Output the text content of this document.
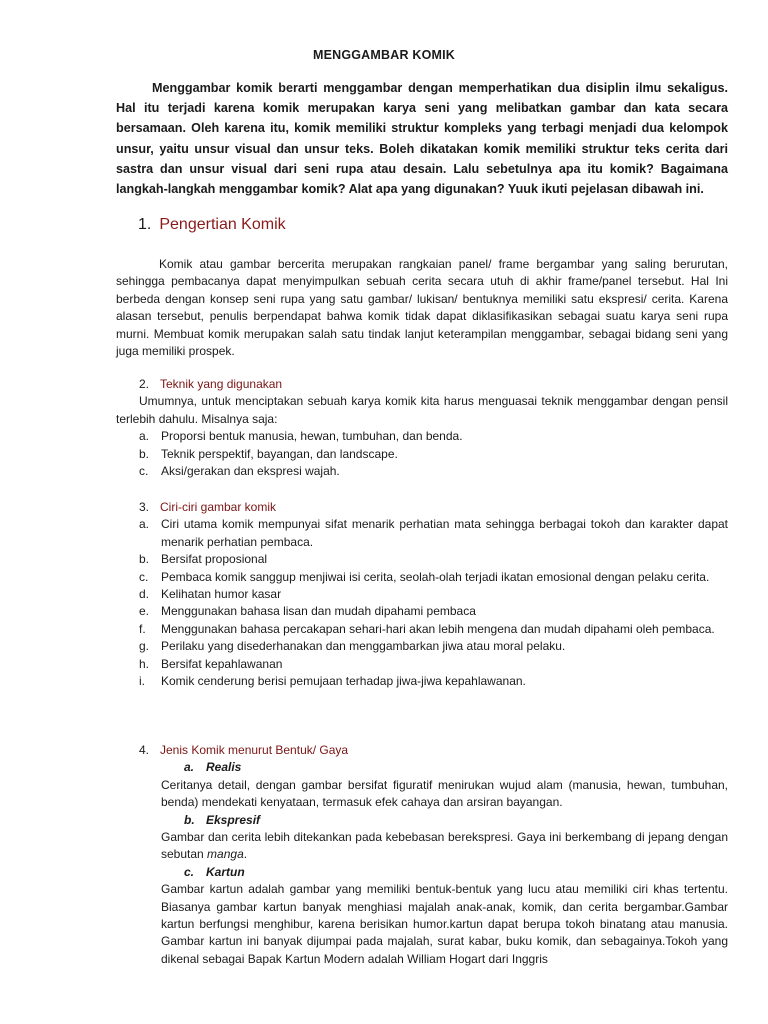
MENGGAMBAR KOMIK

Menggambar komik berarti menggambar dengan memperhatikan dua disiplin ilmu sekaligus. Hal itu terjadi karena komik merupakan karya seni yang melibatkan gambar dan kata secara bersamaan. Oleh karena itu, komik memiliki struktur kompleks yang terbagi menjadi dua kelompok unsur, yaitu unsur visual dan unsur teks. Boleh dikatakan komik memiliki struktur teks cerita dari sastra dan unsur visual dari seni rupa atau desain. Lalu sebetulnya apa itu komik? Bagaimana langkah-langkah menggambar komik? Alat apa yang digunakan? Yuuk ikuti pejelasan dibawah ini.

1. Pengertian Komik

Komik atau gambar bercerita merupakan rangkaian panel/ frame bergambar yang saling berurutan, sehingga pembacanya dapat menyimpulkan sebuah cerita secara utuh di akhir frame/panel tersebut. Hal Ini berbeda dengan konsep seni rupa yang satu gambar/ lukisan/ bentuknya memiliki satu ekspresi/ cerita. Karena alasan tersebut, penulis berpendapat bahwa komik tidak dapat diklasifikasikan sebagai suatu karya seni rupa murni. Membuat komik merupakan salah satu tindak lanjut keterampilan menggambar, sebagai bidang seni yang juga memiliki prospek.

2. Teknik yang digunakan

Umumnya, untuk menciptakan sebuah karya komik kita harus menguasai teknik menggambar dengan pensil terlebih dahulu. Misalnya saja:

a. Proporsi bentuk manusia, hewan, tumbuhan, dan benda.
b. Teknik perspektif, bayangan, dan landscape.
c. Aksi/gerakan dan ekspresi wajah.
3. Ciri-ciri gambar komik
a. Ciri utama komik mempunyai sifat menarik perhatian mata sehingga berbagai tokoh dan karakter dapat menarik perhatian pembaca.
b. Bersifat proposional
c. Pembaca komik sanggup menjiwai isi cerita, seolah-olah terjadi ikatan emosional dengan pelaku cerita.
d. Kelihatan humor kasar
e. Menggunakan bahasa lisan dan mudah dipahami pembaca
f. Menggunakan bahasa percakapan sehari-hari akan lebih mengena dan mudah dipahami oleh pembaca.
g. Perilaku yang disederhanakan dan menggambarkan jiwa atau moral pelaku.
h. Bersifat kepahlawanan
i. Komik cenderung berisi pemujaan terhadap jiwa-jiwa kepahlawanan.
4. Jenis Komik menurut Bentuk/ Gaya
a. Realis
Ceritanya detail, dengan gambar bersifat figuratif menirukan wujud alam (manusia, hewan, tumbuhan, benda) mendekati kenyataan, termasuk efek cahaya dan arsiran bayangan.
b. Ekspresif
Gambar dan cerita lebih ditekankan pada kebebasan berekspresi. Gaya ini berkembang di jepang dengan sebutan manga.
c. Kartun
Gambar kartun adalah gambar yang memiliki bentuk-bentuk yang lucu atau memiliki ciri khas tertentu. Biasanya gambar kartun banyak menghiasi majalah anak-anak, komik, dan cerita bergambar.Gambar kartun berfungsi menghibur, karena berisikan humor.kartun dapat berupa tokoh binatang atau manusia. Gambar kartun ini banyak dijumpai pada majalah, surat kabar, buku komik, dan sebagainya.Tokoh yang dikenal sebagai Bapak Kartun Modern adalah William Hogart dari Inggris
